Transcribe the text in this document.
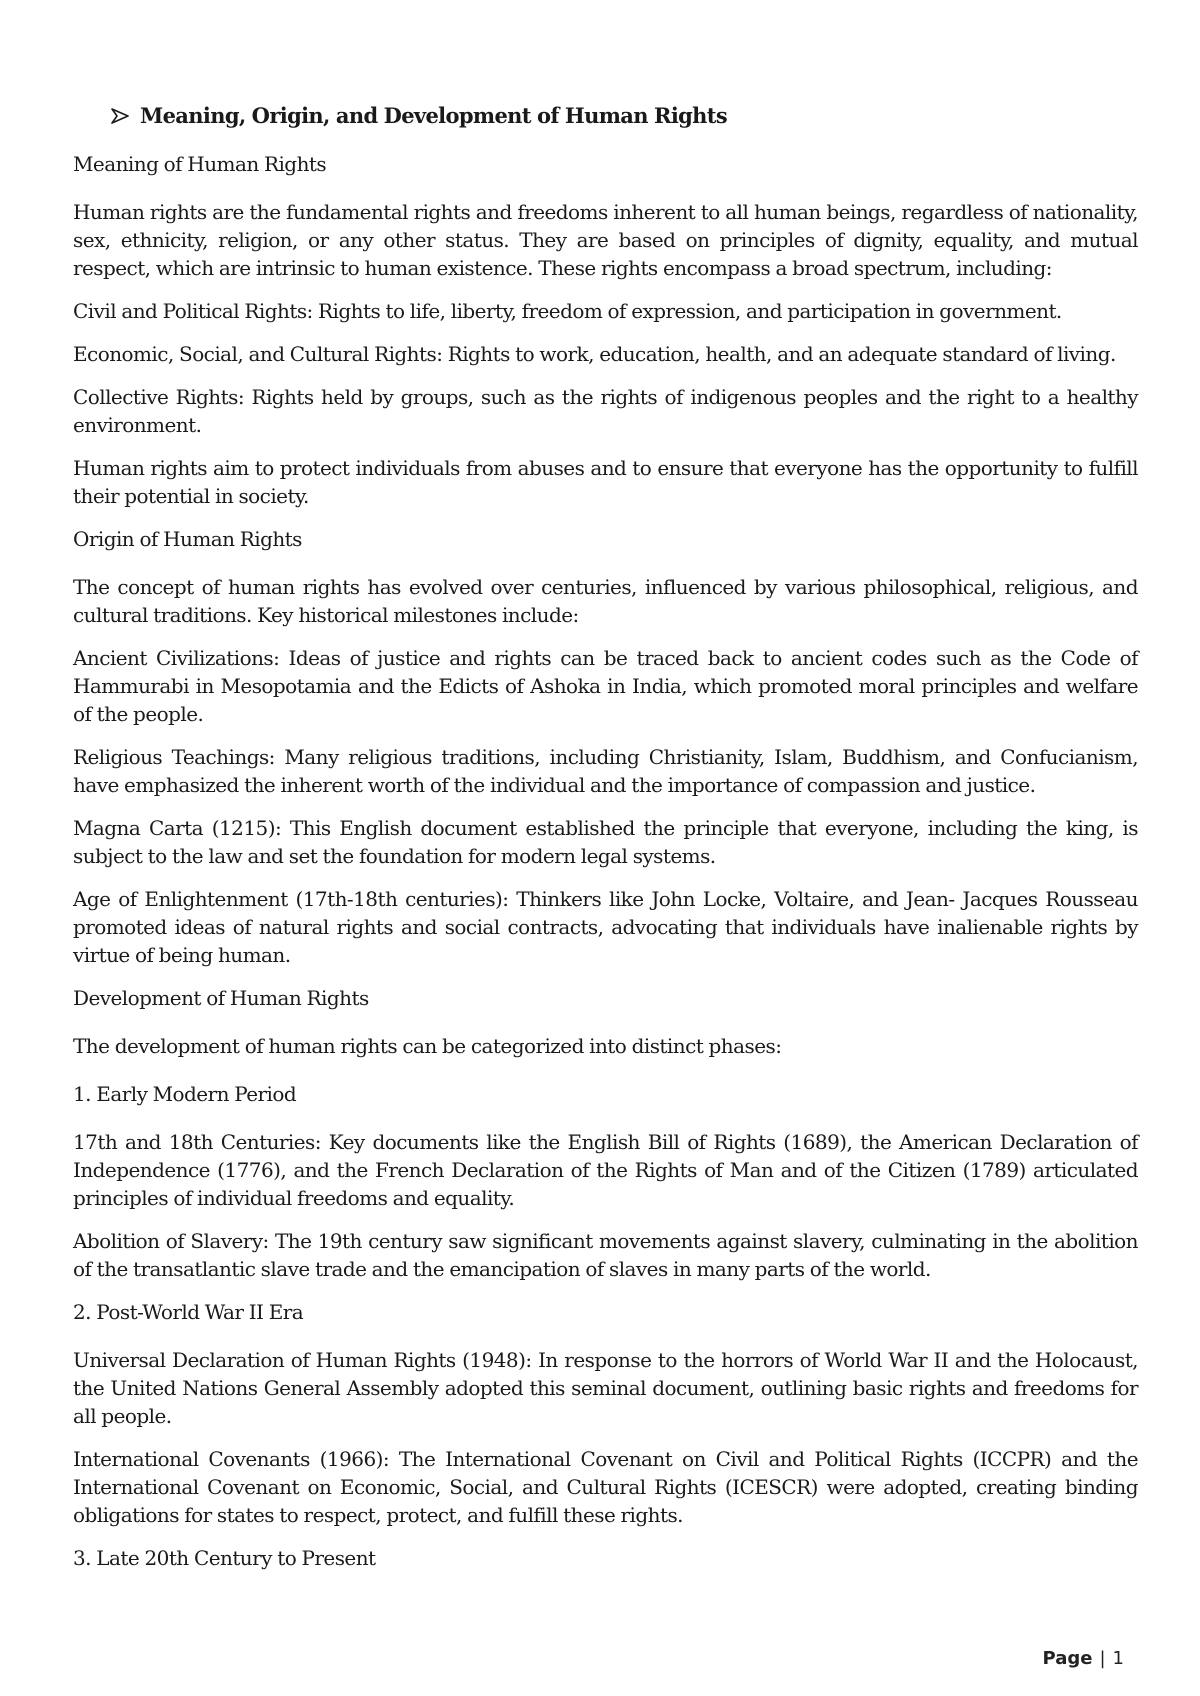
Meaning, Origin, and Development of Human Rights

Meaning of Human Rights

Human rights are the fundamental rights and freedoms inherent to all human beings, regardless of nationality, sex, ethnicity, religion, or any other status. They are based on principles of dignity, equality, and mutual respect, which are intrinsic to human existence. These rights encompass a broad spectrum, including:

Civil and Political Rights: Rights to life, liberty, freedom of expression, and participation in government.

Economic, Social, and Cultural Rights: Rights to work, education, health, and an adequate standard of living.

Collective Rights: Rights held by groups, such as the rights of indigenous peoples and the right to a healthy environment.

Human rights aim to protect individuals from abuses and to ensure that everyone has the opportunity to fulfill their potential in society.

Origin of Human Rights

The concept of human rights has evolved over centuries, influenced by various philosophical, religious, and cultural traditions. Key historical milestones include:

Ancient Civilizations: Ideas of justice and rights can be traced back to ancient codes such as the Code of Hammurabi in Mesopotamia and the Edicts of Ashoka in India, which promoted moral principles and welfare of the people.

Religious Teachings: Many religious traditions, including Christianity, Islam, Buddhism, and Confucianism, have emphasized the inherent worth of the individual and the importance of compassion and justice.

Magna Carta (1215): This English document established the principle that everyone, including the king, is subject to the law and set the foundation for modern legal systems.

Age of Enlightenment (17th-18th centuries): Thinkers like John Locke, Voltaire, and Jean- Jacques Rousseau promoted ideas of natural rights and social contracts, advocating that individuals have inalienable rights by virtue of being human.

Development of Human Rights

The development of human rights can be categorized into distinct phases:

1. Early Modern Period

17th and 18th Centuries: Key documents like the English Bill of Rights (1689), the American Declaration of Independence (1776), and the French Declaration of the Rights of Man and of the Citizen (1789) articulated principles of individual freedoms and equality.

Abolition of Slavery: The 19th century saw significant movements against slavery, culminating in the abolition of the transatlantic slave trade and the emancipation of slaves in many parts of the world.

2. Post-World War II Era

Universal Declaration of Human Rights (1948): In response to the horrors of World War II and the Holocaust, the United Nations General Assembly adopted this seminal document, outlining basic rights and freedoms for all people.

International Covenants (1966): The International Covenant on Civil and Political Rights (ICCPR) and the International Covenant on Economic, Social, and Cultural Rights (ICESCR) were adopted, creating binding obligations for states to respect, protect, and fulfill these rights.

3. Late 20th Century to Present

Page | 1
